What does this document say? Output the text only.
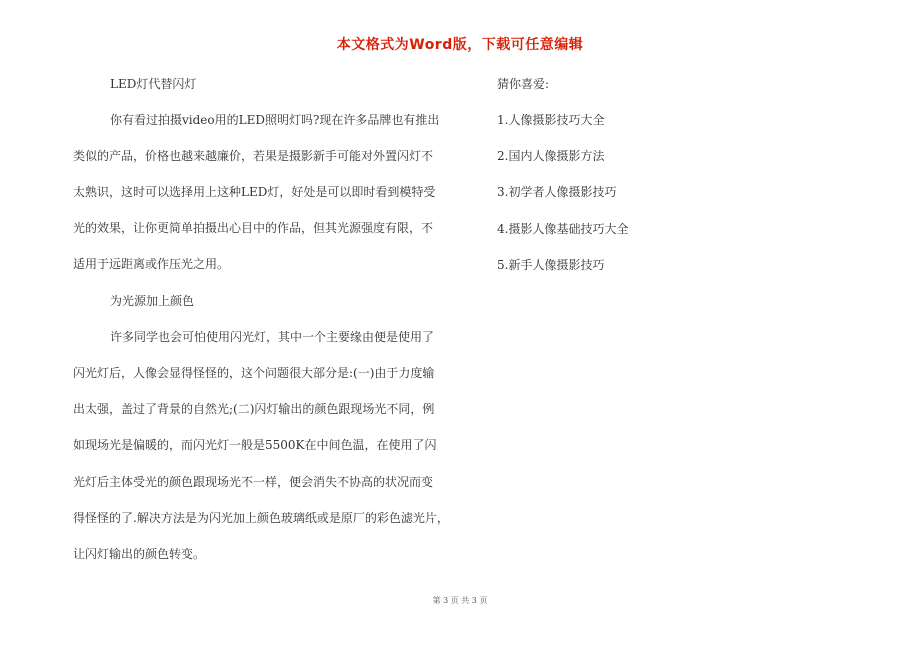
本文格式为Word版，下载可任意编辑
LED灯代替闪灯
你有看过拍摄video用的LED照明灯吗?现在许多品牌也有推出
类似的产品，价格也越来越廉价，若果是摄影新手可能对外置闪灯不
太熟识，这时可以选择用上这种LED灯，好处是可以即时看到模特受
光的效果，让你更简单拍摄出心目中的作品，但其光源强度有限，不
适用于远距离或作压光之用。
为光源加上颜色
许多同学也会可怕使用闪光灯，其中一个主要缘由便是使用了
闪光灯后，人像会显得怪怪的，这个问题很大部分是:(一)由于力度输
出太强，盖过了背景的自然光;(二)闪灯输出的颜色跟现场光不同，例
如现场光是偏暖的，而闪光灯一般是5500K在中间色温，在使用了闪
光灯后主体受光的颜色跟现场光不一样，便会消失不协高的状况而变
得怪怪的了.解决方法是为闪光加上颜色玻璃纸或是原厂的彩色滤光片，
让闪灯输出的颜色转变。
猜你喜爱:
1.人像摄影技巧大全
2.国内人像摄影方法
3.初学者人像摄影技巧
4.摄影人像基础技巧大全
5.新手人像摄影技巧
第 3 页 共 3 页
